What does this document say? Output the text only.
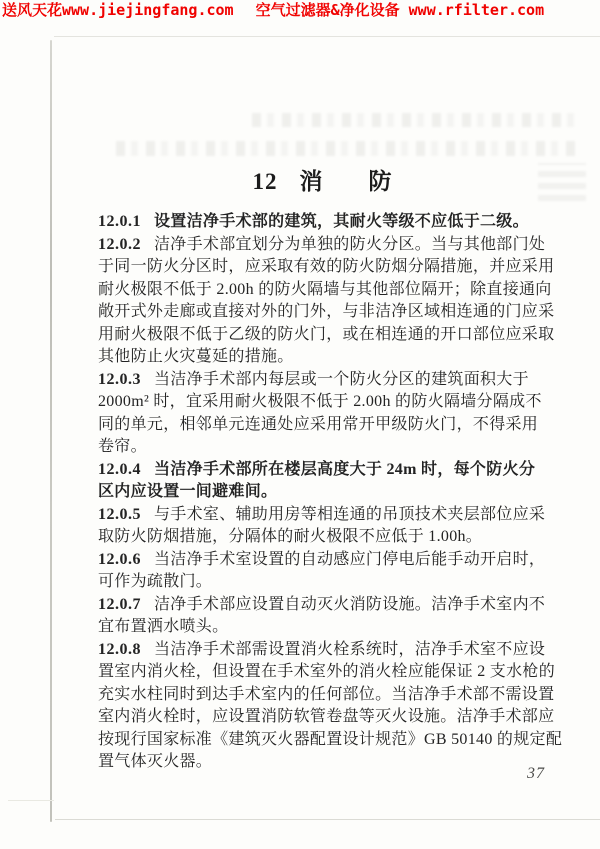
送风天花www.jiejingfang.com 空气过滤器&净化设备 www.rfilter.com
12 消　　防
12.0.1 设置洁净手术部的建筑，其耐火等级不应低于二级。
12.0.2 洁净手术部宜划分为单独的防火分区。当与其他部门处
于同一防火分区时，应采取有效的防火防烟分隔措施，并应采用
耐火极限不低于 2.00h 的防火隔墙与其他部位隔开；除直接通向
敞开式外走廊或直接对外的门外，与非洁净区域相连通的门应采
用耐火极限不低于乙级的防火门，或在相连通的开口部位应采取
其他防止火灾蔓延的措施。
12.0.3 当洁净手术部内每层或一个防火分区的建筑面积大于
2000m² 时，宜采用耐火极限不低于 2.00h 的防火隔墙分隔成不
同的单元，相邻单元连通处应采用常开甲级防火门，不得采用
卷帘。
12.0.4 当洁净手术部所在楼层高度大于 24m 时，每个防火分
区内应设置一间避难间。
12.0.5 与手术室、辅助用房等相连通的吊顶技术夹层部位应采
取防火防烟措施，分隔体的耐火极限不应低于 1.00h。
12.0.6 当洁净手术室设置的自动感应门停电后能手动开启时，
可作为疏散门。
12.0.7 洁净手术部应设置自动灭火消防设施。洁净手术室内不
宜布置洒水喷头。
12.0.8 当洁净手术部需设置消火栓系统时，洁净手术室不应设
置室内消火栓，但设置在手术室外的消火栓应能保证 2 支水枪的
充实水柱同时到达手术室内的任何部位。当洁净手术部不需设置
室内消火栓时，应设置消防软管卷盘等灭火设施。洁净手术部应
按现行国家标准《建筑灭火器配置设计规范》GB 50140 的规定配
置气体灭火器。
37
